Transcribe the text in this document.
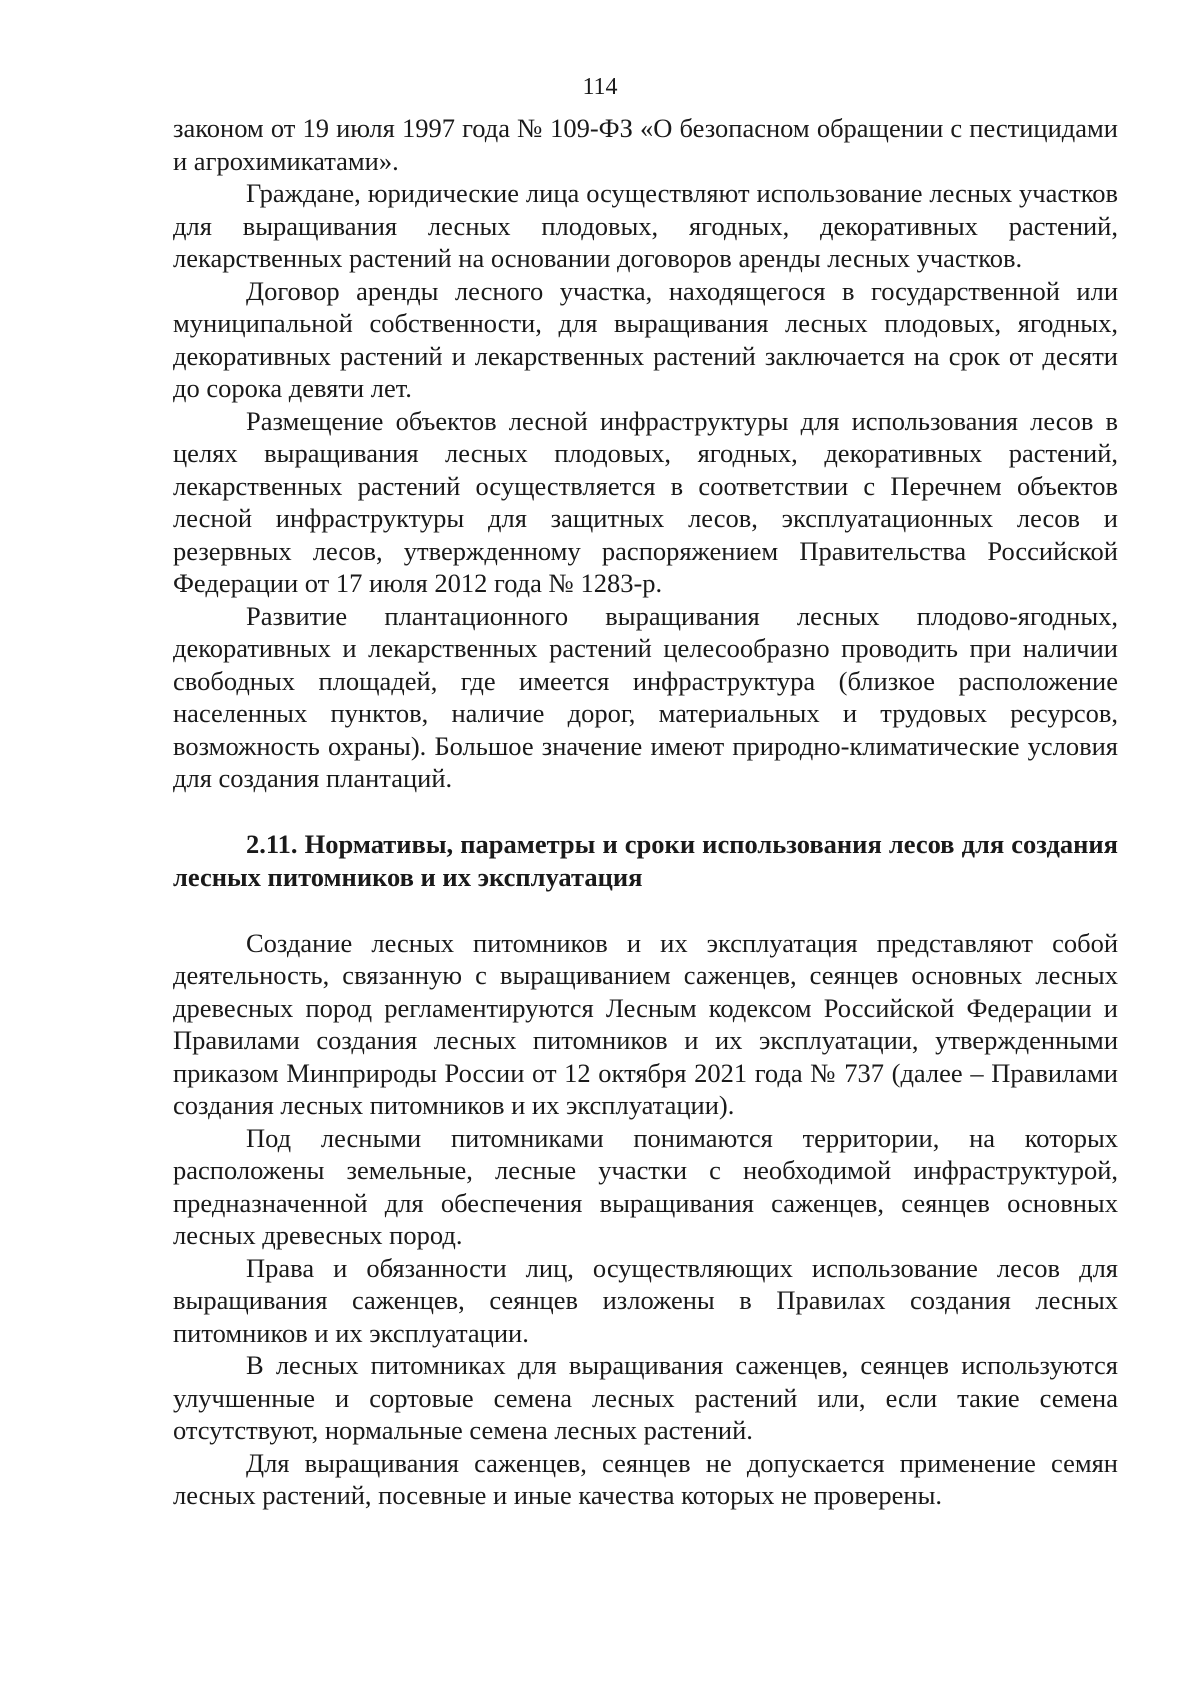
114

законом от 19 июля 1997 года № 109-ФЗ «О безопасном обращении с пестицидами и агрохимикатами».

Граждане, юридические лица осуществляют использование лесных участков для выращивания лесных плодовых, ягодных, декоративных растений, лекарственных растений на основании договоров аренды лесных участков.

Договор аренды лесного участка, находящегося в государственной или муниципальной собственности, для выращивания лесных плодовых, ягодных, декоративных растений и лекарственных растений заключается на срок от десяти до сорока девяти лет.

Размещение объектов лесной инфраструктуры для использования лесов в целях выращивания лесных плодовых, ягодных, декоративных растений, лекарственных растений осуществляется в соответствии с Перечнем объектов лесной инфраструктуры для защитных лесов, эксплуатационных лесов и резервных лесов, утвержденному распоряжением Правительства Российской Федерации от 17 июля 2012 года № 1283-р.

Развитие плантационного выращивания лесных плодово-ягодных, декоративных и лекарственных растений целесообразно проводить при наличии свободных площадей, где имеется инфраструктура (близкое расположение населенных пунктов, наличие дорог, материальных и трудовых ресурсов, возможность охраны). Большое значение имеют природно-климатические условия для создания плантаций.

2.11. Нормативы, параметры и сроки использования лесов для создания лесных питомников и их эксплуатация

Создание лесных питомников и их эксплуатация представляют собой деятельность, связанную с выращиванием саженцев, сеянцев основных лесных древесных пород регламентируются Лесным кодексом Российской Федерации и Правилами создания лесных питомников и их эксплуатации, утвержденными приказом Минприроды России от 12 октября 2021 года № 737 (далее – Правилами создания лесных питомников и их эксплуатации).

Под лесными питомниками понимаются территории, на которых расположены земельные, лесные участки с необходимой инфраструктурой, предназначенной для обеспечения выращивания саженцев, сеянцев основных лесных древесных пород.

Права и обязанности лиц, осуществляющих использование лесов для выращивания саженцев, сеянцев изложены в Правилах создания лесных питомников и их эксплуатации.

В лесных питомниках для выращивания саженцев, сеянцев используются улучшенные и сортовые семена лесных растений или, если такие семена отсутствуют, нормальные семена лесных растений.

Для выращивания саженцев, сеянцев не допускается применение семян лесных растений, посевные и иные качества которых не проверены.
